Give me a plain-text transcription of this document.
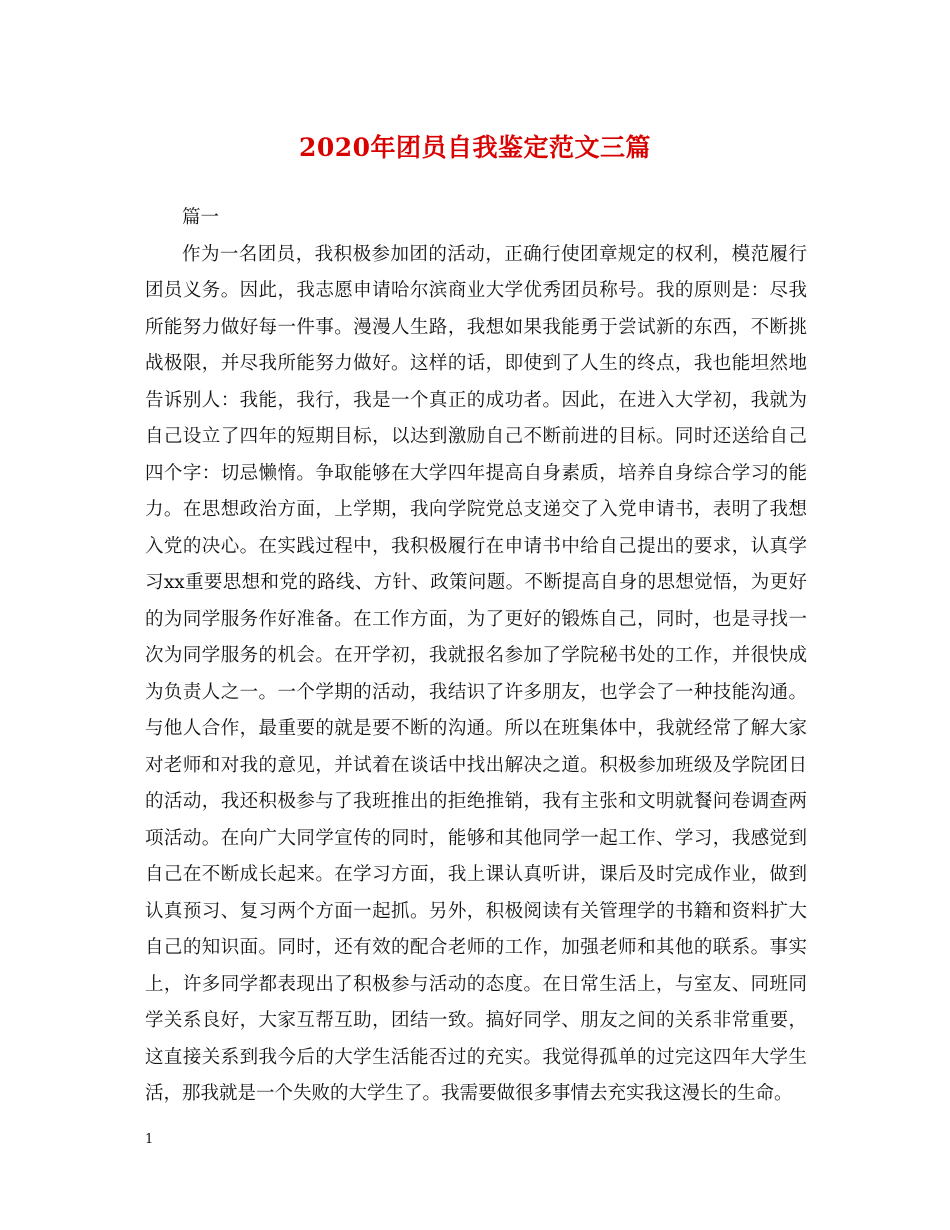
2020年团员自我鉴定范文三篇
篇一
作为一名团员，我积极参加团的活动，正确行使团章规定的权利，模范履行
团员义务。因此，我志愿申请哈尔滨商业大学优秀团员称号。我的原则是：尽我
所能努力做好每一件事。漫漫人生路，我想如果我能勇于尝试新的东西，不断挑
战极限，并尽我所能努力做好。这样的话，即使到了人生的终点，我也能坦然地
告诉别人：我能，我行，我是一个真正的成功者。因此，在进入大学初，我就为
自己设立了四年的短期目标，以达到激励自己不断前进的目标。同时还送给自己
四个字：切忌懒惰。争取能够在大学四年提高自身素质，培养自身综合学习的能
力。在思想政治方面，上学期，我向学院党总支递交了入党申请书，表明了我想
入党的决心。在实践过程中，我积极履行在申请书中给自己提出的要求，认真学
习xx重要思想和党的路线、方针、政策问题。不断提高自身的思想觉悟，为更好
的为同学服务作好准备。在工作方面，为了更好的锻炼自己，同时，也是寻找一
次为同学服务的机会。在开学初，我就报名参加了学院秘书处的工作，并很快成
为负责人之一。一个学期的活动，我结识了许多朋友，也学会了一种技能沟通。
与他人合作，最重要的就是要不断的沟通。所以在班集体中，我就经常了解大家
对老师和对我的意见，并试着在谈话中找出解决之道。积极参加班级及学院团日
的活动，我还积极参与了我班推出的拒绝推销，我有主张和文明就餐问卷调查两
项活动。在向广大同学宣传的同时，能够和其他同学一起工作、学习，我感觉到
自己在不断成长起来。在学习方面，我上课认真听讲，课后及时完成作业，做到
认真预习、复习两个方面一起抓。另外，积极阅读有关管理学的书籍和资料扩大
自己的知识面。同时，还有效的配合老师的工作，加强老师和其他的联系。事实
上，许多同学都表现出了积极参与活动的态度。在日常生活上，与室友、同班同
学关系良好，大家互帮互助，团结一致。搞好同学、朋友之间的关系非常重要，
这直接关系到我今后的大学生活能否过的充实。我觉得孤单的过完这四年大学生
活，那我就是一个失败的大学生了。我需要做很多事情去充实我这漫长的生命。
1
